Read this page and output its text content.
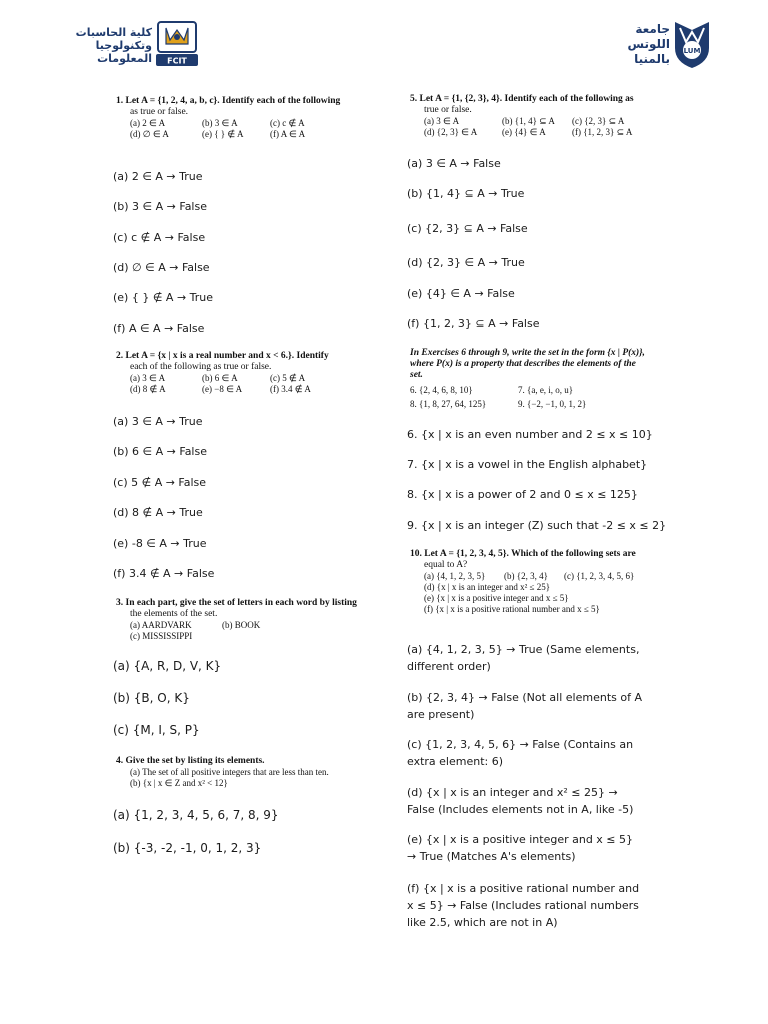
كلية الحاسبات
وتكنولوجيا
المعلومات FCIT
جامعة
اللوتس
بالمنيا
LUM
1. Let A = {1, 2, 4, a, b, c}. Identify each of the following
as true or false.
(a) 2 ∈ A	(b) 3 ∈ A	(c) c ∉ A
(d) ∅ ∈ A	(e) { } ∉ A	(f) A ∈ A
(a) 2 ∈ A → True
(b) 3 ∈ A → False
(c) c ∉ A → False
(d) ∅ ∈ A → False
(e) { } ∉ A → True
(f) A ∈ A → False
2. Let A = {x | x is a real number and x < 6.}. Identify
each of the following as true or false.
(a) 3 ∈ A	(b) 6 ∈ A	(c) 5 ∉ A
(d) 8 ∉ A	(e) −8 ∈ A	(f) 3.4 ∉ A
(a) 3 ∈ A → True
(b) 6 ∈ A → False
(c) 5 ∉ A → False
(d) 8 ∉ A → True
(e) -8 ∈ A → True
(f) 3.4 ∉ A → False
3. In each part, give the set of letters in each word by listing
the elements of the set.
(a) AARDVARK	(b) BOOK
(c) MISSISSIPPI
(a) {A, R, D, V, K}
(b) {B, O, K}
(c) {M, I, S, P}
4. Give the set by listing its elements.
(a) The set of all positive integers that are less than ten.
(b) {x | x ∈ Z and x² < 12}
(a) {1, 2, 3, 4, 5, 6, 7, 8, 9}
(b) {-3, -2, -1, 0, 1, 2, 3}
5. Let A = {1, {2, 3}, 4}. Identify each of the following as
true or false.
(a) 3 ∈ A	(b) {1, 4} ⊆ A	(c) {2, 3} ⊆ A
(d) {2, 3} ∈ A	(e) {4} ∈ A	(f) {1, 2, 3} ⊆ A
(a) 3 ∈ A → False
(b) {1, 4} ⊆ A → True
(c) {2, 3} ⊆ A → False
(d) {2, 3} ∈ A → True
(e) {4} ∈ A → False
(f) {1, 2, 3} ⊆ A → False
In Exercises 6 through 9, write the set in the form {x | P(x)},
where P(x) is a property that describes the elements of the
set.
6. {2, 4, 6, 8, 10}	7. {a, e, i, o, u}
8. {1, 8, 27, 64, 125}	9. {−2, −1, 0, 1, 2}
6. {x | x is an even number and 2 ≤ x ≤ 10}
7. {x | x is a vowel in the English alphabet}
8. {x | x is a power of 2 and 0 ≤ x ≤ 125}
9. {x | x is an integer (Z) such that -2 ≤ x ≤ 2}
10. Let A = {1, 2, 3, 4, 5}. Which of the following sets are
equal to A?
(a) {4, 1, 2, 3, 5}	(b) {2, 3, 4}	(c) {1, 2, 3, 4, 5, 6}
(d) {x | x is an integer and x² ≤ 25}
(e) {x | x is a positive integer and x ≤ 5}
(f) {x | x is a positive rational number and x ≤ 5}
(a) {4, 1, 2, 3, 5} → True (Same elements, different order)
(b) {2, 3, 4} → False (Not all elements of A are present)
(c) {1, 2, 3, 4, 5, 6} → False (Contains an extra element: 6)
(d) {x | x is an integer and x² ≤ 25} → False (Includes elements not in A, like -5)
(e) {x | x is a positive integer and x ≤ 5} → True (Matches A's elements)
(f) {x | x is a positive rational number and x ≤ 5} → False (Includes rational numbers like 2.5, which are not in A)
